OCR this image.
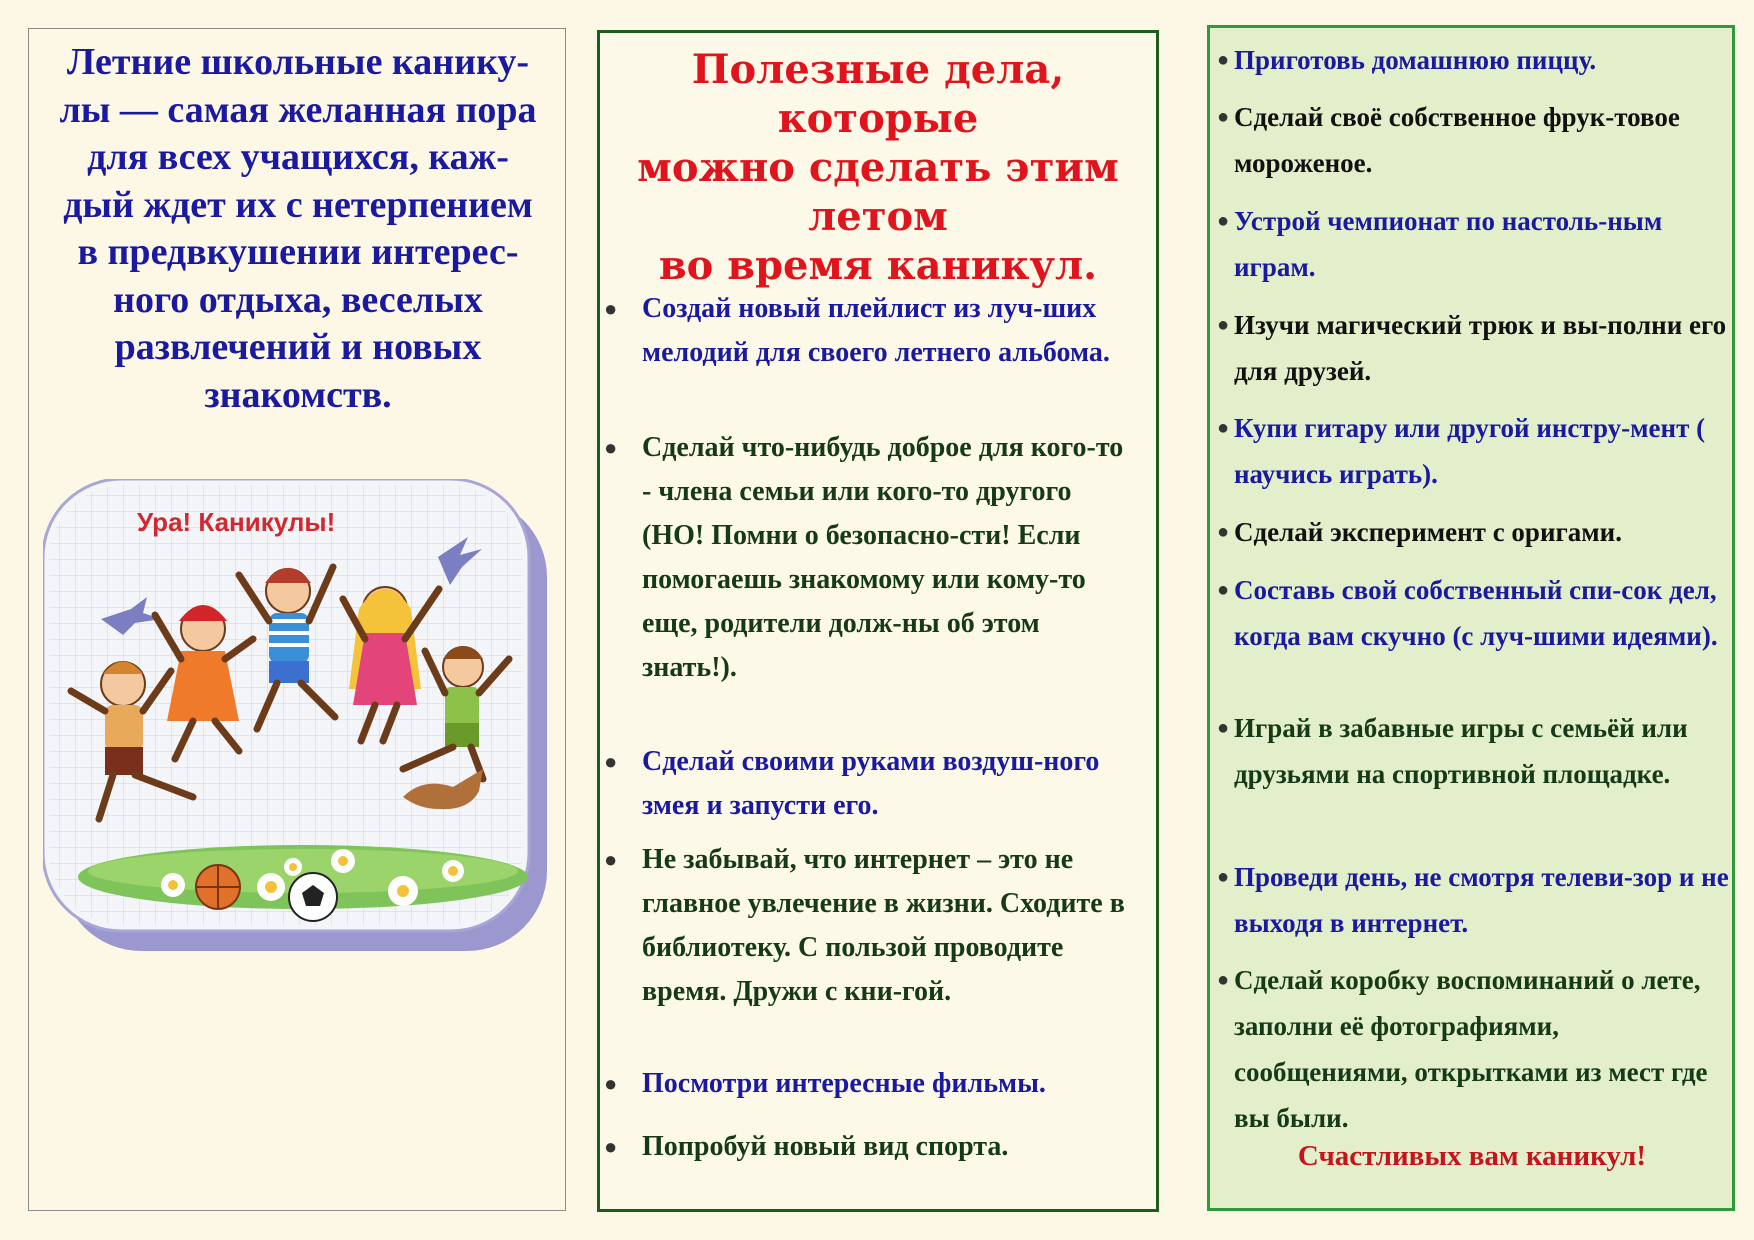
Летние школьные канику-
лы — самая желанная пора
для всех учащихся, каж-
дый ждет их с нетерпением
в предвкушении интерес-
ного отдыха, веселых
развлечений и новых
знакомств.

Ура! Каникулы!
Полезные дела, которые
можно сделать этим
летом
во время каникул.
● Создай новый плейлист из луч-ших мелодий для своего летнего альбома.
● Сделай что-нибудь доброе для кого-то - члена семьи или кого-то другого (НО! Помни о безопасно-сти! Если помогаешь знакомому или кому-то еще, родители долж-ны об этом знать!).
● Сделай своими руками воздуш-ного змея и запусти его.
● Не забывай, что интернет – это не главное увлечение в жизни. Сходите в библиотеку. С пользой проводите время. Дружи с кни-гой.
● Посмотри интересные фильмы.
● Попробуй новый вид спорта.
● Приготовь домашнюю пиццу.
● Сделай своё собственное фрук-товое мороженое.
● Устрой чемпионат по настоль-ным играм.
● Изучи магический трюк и вы-полни его для друзей.
● Купи гитару или другой инстру-мент ( научись играть).
● Сделай эксперимент с оригами.
● Составь свой собственный спи-сок дел, когда вам скучно (с луч-шими идеями).
● Играй в забавные игры с семьёй или друзьями на спортивной площадке.
● Проведи день, не смотря телеви-зор и не выходя в интернет.
● Сделай коробку воспоминаний о лете, заполни её фотографиями, сообщениями, открытками из мест где вы были.

Счастливых вам каникул!
